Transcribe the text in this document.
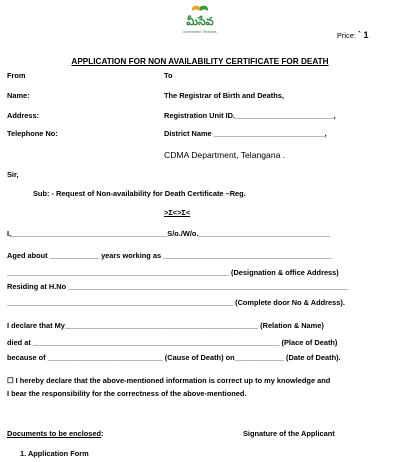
మీసేవ
Government. Reaches.	Price: ` 1
APPLICATION FOR NON AVAILABILITY CERTIFICATE FOR DEATH
From	To
Name:	The Registrar of Birth and Deaths,
Address:	Registration Unit ID.________________________,
Telephone No:	District Name ___________________________,
CDMA Department, Telangana .
Sir,
Sub: - Request of Non-availability for Death Certificate –Reg.
>Σ<>Σ<
I,______________________________________S/o./W/o.________________________________
Aged about ____________ years working as _________________________________________
______________________________________________________ (Designation & office Address)
Residing at H.No ____________________________________________________________________
_______________________________________________________ (Complete door No & Address).
I declare that My_______________________________________________ (Relation & Name)
died at ____________________________________________________________ (Place of Death)
because of ____________________________ (Cause of Death) on____________ (Date of Death).
☐ I hereby declare that the above-mentioned information is correct up to my knowledge and
I bear the responsibility for the correctness of the above-mentioned.
Documents to be enclosed:	Signature of the Applicant
1. Application Form
